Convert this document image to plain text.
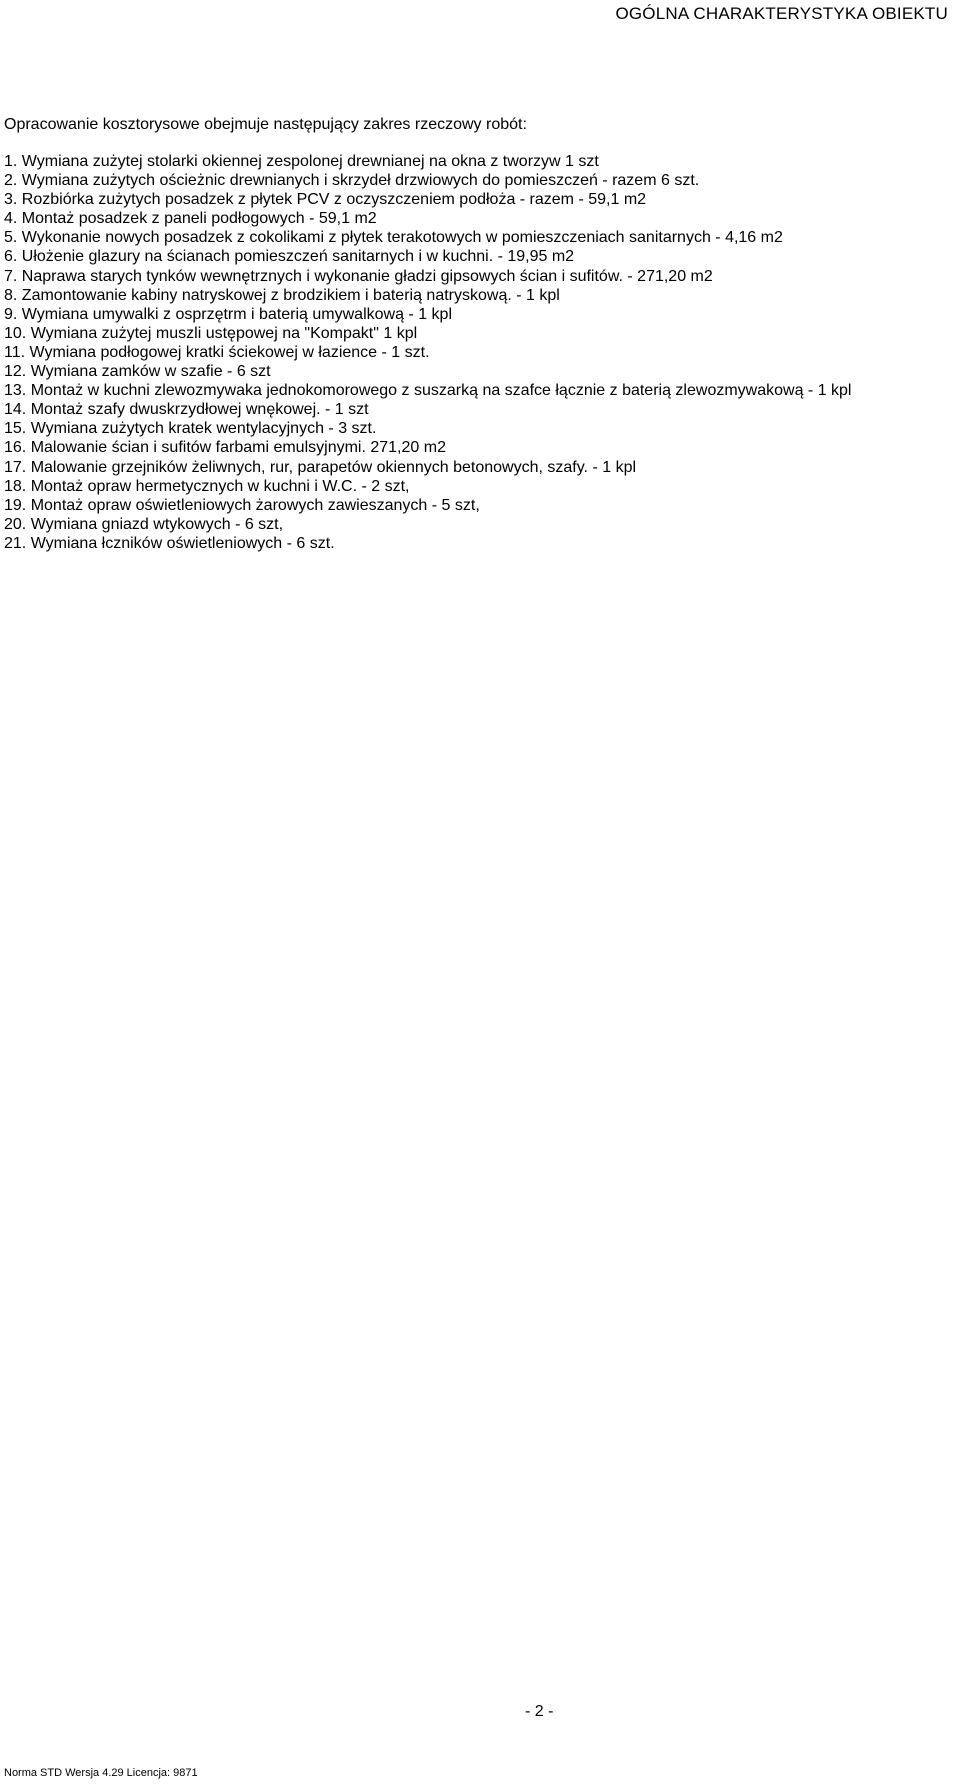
OGÓLNA CHARAKTERYSTYKA OBIEKTU
Opracowanie kosztorysowe obejmuje następujący zakres rzeczowy robót:
1. Wymiana zużytej stolarki okiennej zespolonej drewnianej na okna z tworzyw 1 szt
2. Wymiana zużytych ościeżnic drewnianych i skrzydeł drzwiowych do pomieszczeń - razem 6 szt.
3. Rozbiórka zużytych posadzek z płytek PCV z oczyszczeniem podłoża - razem - 59,1 m2
4. Montaż posadzek z paneli podłogowych - 59,1 m2
5. Wykonanie nowych posadzek z cokolikami z płytek terakotowych w pomieszczeniach sanitarnych - 4,16 m2
6. Ułożenie glazury na ścianach pomieszczeń sanitarnych i w kuchni. - 19,95 m2
7. Naprawa starych tynków wewnętrznych i wykonanie gładzi gipsowych ścian i sufitów. - 271,20 m2
8. Zamontowanie kabiny natryskowej z brodzikiem i baterią natryskową. - 1 kpl
9. Wymiana umywalki z osprzętrm i baterią umywalkową - 1 kpl
10. Wymiana zużytej muszli ustępowej na "Kompakt" 1 kpl
11. Wymiana podłogowej kratki ściekowej w łazience - 1 szt.
12. Wymiana zamków w szafie - 6 szt
13. Montaż w kuchni zlewozmywaka jednokomorowego z suszarką na szafce łącznie z baterią zlewozmywakową - 1 kpl
14. Montaż szafy dwuskrzydłowej wnękowej. - 1 szt
15. Wymiana zużytych kratek wentylacyjnych - 3 szt.
16. Malowanie ścian i sufitów farbami emulsyjnymi. 271,20 m2
17. Malowanie grzejników żeliwnych, rur, parapetów okiennych betonowych, szafy. - 1 kpl
18. Montaż opraw hermetycznych w kuchni i W.C. - 2 szt,
19. Montaż opraw oświetleniowych żarowych zawieszanych - 5 szt,
20. Wymiana gniazd wtykowych - 6 szt,
21. Wymiana łczników oświetleniowych - 6 szt.
- 2 -
Norma STD Wersja 4.29 Licencja: 9871
